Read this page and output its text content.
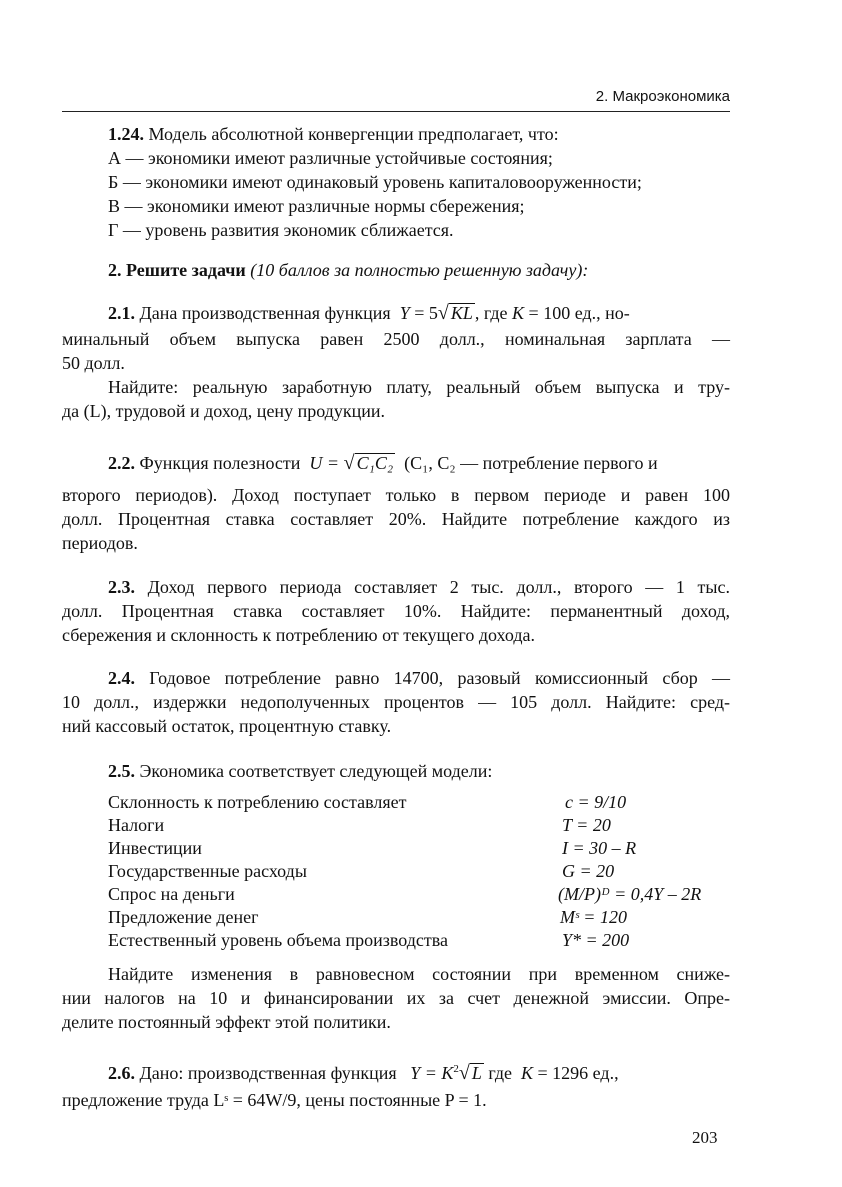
2. Макроэкономика
1.24. Модель абсолютной конвергенции предполагает, что:
А — экономики имеют различные устойчивые состояния;
Б — экономики имеют одинаковый уровень капиталовооруженности;
В — экономики имеют различные нормы сбережения;
Г — уровень развития экономик сближается.
2. Решите задачи (10 баллов за полностью решенную задачу):
2.1. Дана производственная функция Y = 5√ KL , где K = 100 ед., но-
минальный объем выпуска равен 2500 долл., номинальная зарплата —
50 долл.
Найдите: реальную заработную плату, реальный объем выпуска и тру-
да (L), трудовой и доход, цену продукции.
2.2. Функция полезности U = √ C₁C₂ (C₁, C₂ — потребление первого и
второго периодов). Доход поступает только в первом периоде и равен 100
долл. Процентная ставка составляет 20%. Найдите потребление каждого из
периодов.
2.3. Доход первого периода составляет 2 тыс. долл., второго — 1 тыс.
долл. Процентная ставка составляет 10%. Найдите: перманентный доход,
сбережения и склонность к потреблению от текущего дохода.
2.4. Годовое потребление равно 14700, разовый комиссионный сбор —
10 долл., издержки недополученных процентов — 105 долл. Найдите: сред-
ний кассовый остаток, процентную ставку.
2.5. Экономика соответствует следующей модели:
Склонность к потреблению составляет	c = 9/10
Налоги	T = 20
Инвестиции	I = 30 – R
Государственные расходы	G = 20
Спрос на деньги	(M/P)ᴰ = 0,4Y – 2R
Предложение денег	Mˢ = 120
Естественный уровень объема производства	Y* = 200
Найдите изменения в равновесном состоянии при временном сниже-
нии налогов на 10 и финансировании их за счет денежной эмиссии. Опре-
делите постоянный эффект этой политики.
2.6. Дано: производственная функция $Y = K^2√$ L где K = 1296 ед.,
предложение труда Lˢ = 64W/9, цены постоянные P = 1.
203
